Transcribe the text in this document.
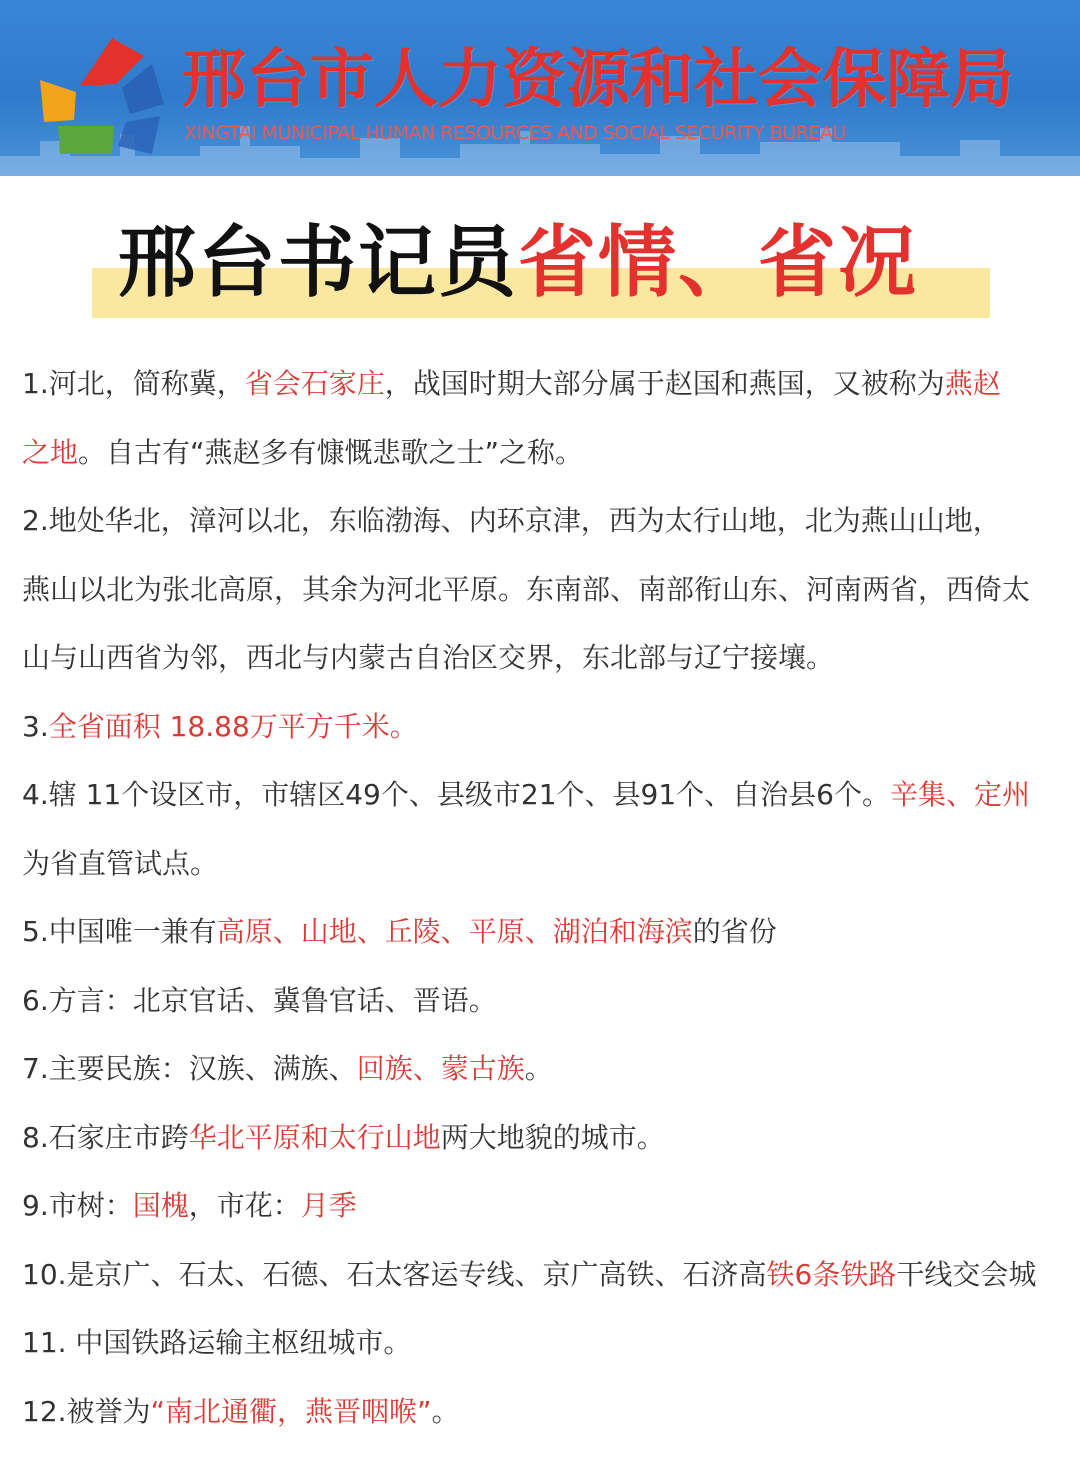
邢台市人力资源和社会保障局
XINGTAI MUNICIPAL HUMAN RESOURCES AND SOCIAL SECURITY BUREAU
邢台书记员省情、省况
1.河北，简称冀，省会石家庄，战国时期大部分属于赵国和燕国，又被称为燕赵
之地。自古有“燕赵多有慷慨悲歌之士”之称。
2.地处华北，漳河以北，东临渤海、内环京津，西为太行山地，北为燕山山地，
燕山以北为张北高原，其余为河北平原。东南部、南部衔山东、河南两省，西倚太
山与山西省为邻，西北与内蒙古自治区交界，东北部与辽宁接壤。
3.全省面积 18.88万平方千米。
4.辖 11个设区市，市辖区49个、县级市21个、县91个、自治县6个。辛集、定州
为省直管试点。
5.中国唯一兼有高原、山地、丘陵、平原、湖泊和海滨的省份
6.方言：北京官话、冀鲁官话、晋语。
7.主要民族：汉族、满族、回族、蒙古族。
8.石家庄市跨华北平原和太行山地两大地貌的城市。
9.市树：国槐，市花：月季
10.是京广、石太、石德、石太客运专线、京广高铁、石济高铁6条铁路干线交会城
11. 中国铁路运输主枢纽城市。
12.被誉为“南北通衢，燕晋咽喉”。
